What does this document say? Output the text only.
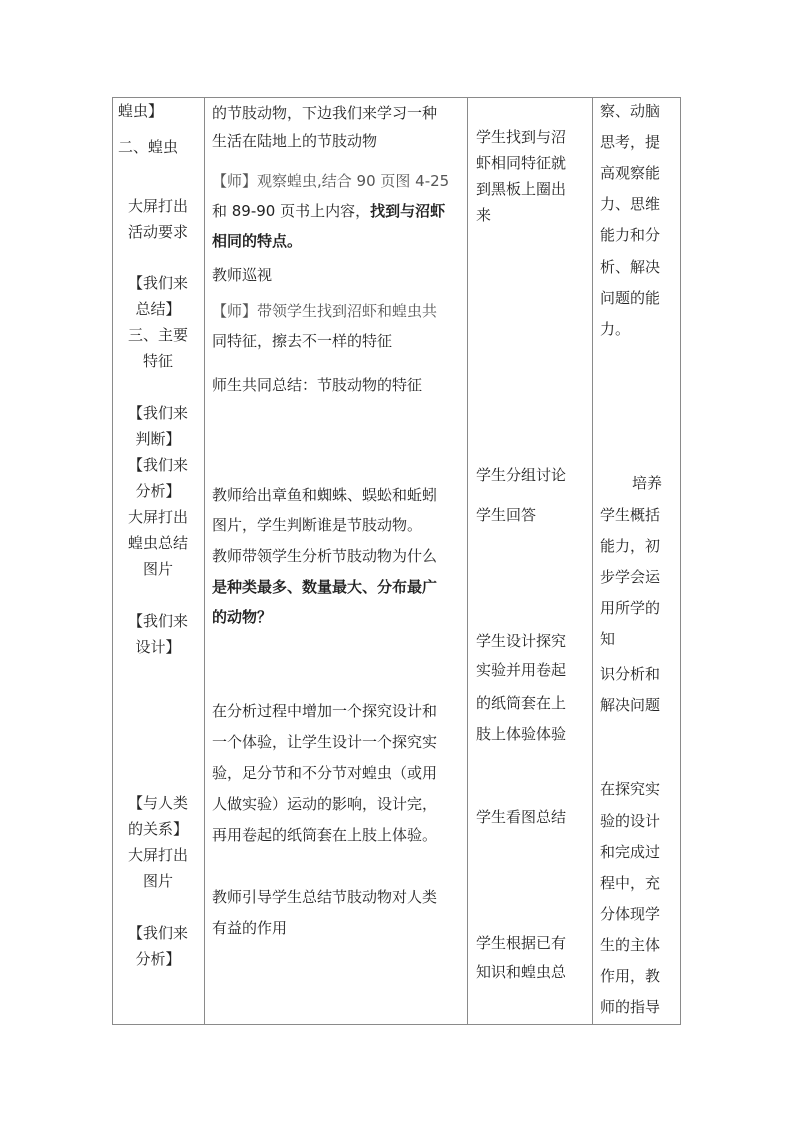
蝗虫】
二、蝗虫
大屏打出
活动要求
【我们来
总结】
三、主要
特征
【我们来
判断】
【我们来
分析】
大屏打出
蝗虫总结
图片
【我们来
设计】
【与人类
的关系】
大屏打出
图片
【我们来
分析】
的节肢动物，下边我们来学习一种
生活在陆地上的节肢动物
【师】观察蝗虫,结合 90 页图 4-25
和 89-90 页书上内容，找到与沼虾
相同的特点。
教师巡视
【师】带领学生找到沼虾和蝗虫共
同特征，擦去不一样的特征
师生共同总结：节肢动物的特征
教师给出章鱼和蜘蛛、蜈蚣和蚯蚓
图片，学生判断谁是节肢动物。
教师带领学生分析节肢动物为什么
是种类最多、数量最大、分布最广
的动物？
在分析过程中增加一个探究设计和
一个体验，让学生设计一个探究实
验，足分节和不分节对蝗虫（或用
人做实验）运动的影响，设计完，
再用卷起的纸筒套在上肢上体验。
教师引导学生总结节肢动物对人类
有益的作用
学生找到与沼
虾相同特征就
到黑板上圈出
来
学生分组讨论
学生回答
学生设计探究
实验并用卷起
的纸筒套在上
肢上体验体验
学生看图总结
学生根据已有
知识和蝗虫总
察、动脑
思考，提
高观察能
力、思维
能力和分
析、解决
问题的能
力。
培养
学生概括
能力，初
步学会运
用所学的
知
识分析和
解决问题
在探究实
验的设计
和完成过
程中，充
分体现学
生的主体
作用，教
师的指导
